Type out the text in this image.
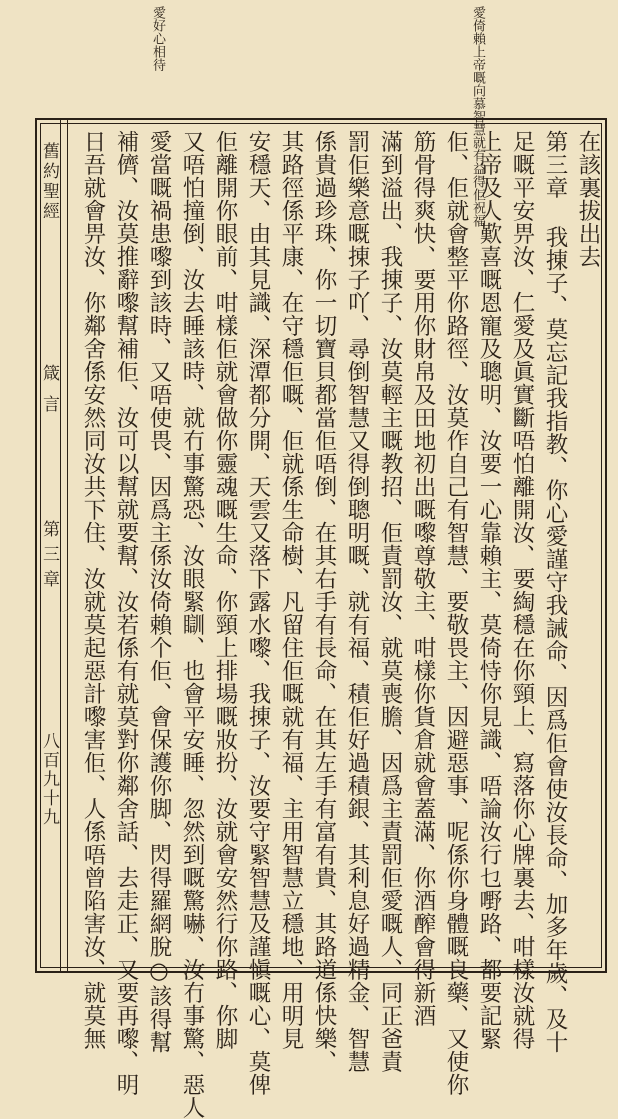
愛倚賴上帝嘅向慕智慧就有益得佢祝福
愛好心相待
舊約聖經
箴言
第三章
八百九十九
在該裏拔出去
第三章 我㨂子、莫忘記我指教、你心愛謹守我誡命、因爲佢會使汝長命、加多年歲、及十
足嘅平安畀汝、仁愛及眞實斷唔怕離開汝、要綯穩在你頸上、寫落你心牌裏去、咁樣汝就得
上帝及人歎喜嘅恩寵及聰明、汝要一心靠賴主、莫倚恃你見識、唔論汝行乜嘢路、都要記緊
佢、佢就會整平你路徑、汝莫作自己有智慧、要敬畏主、因避惡事、呢係你身體嘅良藥、又使你
筋骨得爽快、要用你財帛及田地初出嘅嚟尊敬主、咁樣你貨倉就會蓋滿、你酒醡會得新酒
滿到溢出、我㨂子、汝莫輕主嘅教招、佢責罰汝、就莫喪膽、因爲主責罰佢愛嘅人、同正爸責
罰佢樂意嘅㨂子吖、尋倒智慧又得倒聰明嘅、就有福、積佢好過積銀、其利息好過精金、智慧
係貴過珍珠、你一切寶貝都當佢唔倒、在其右手有長命、在其左手有富有貴、其路道係快樂、
其路徑係平康、在守穩佢嘅、佢就係生命樹、凡留住佢嘅就有福、主用智慧立穩地、用明見
安穩天、由其見識、深潭都分開、天雲又落下露水嚟、我㨂子、汝要守緊智慧及謹愼嘅心、莫俾
佢離開你眼前、咁樣佢就會做你靈魂嘅生命、你頸上排場嘅妝扮、汝就會安然行你路、你脚
又唔怕撞倒、汝去睡該時、就冇事驚恐、汝眼緊瞓、也會平安睡、忽然到嘅驚嚇、汝冇事驚、惡人
愛當嘅禍患嚟到該時、又唔使畏、因爲主係汝倚賴个佢、會保護你脚、閃得羅網脫○該得幫
補儕、汝莫推辭嚟幫補佢、汝可以幫就要幫、汝若係有就莫對你鄰舍話、去走正、又要再嚟、明
日吾就會畀汝、你鄰舍係安然同汝共下住、汝就莫起惡計嚟害佢、人係唔曾陷害汝、就莫無
